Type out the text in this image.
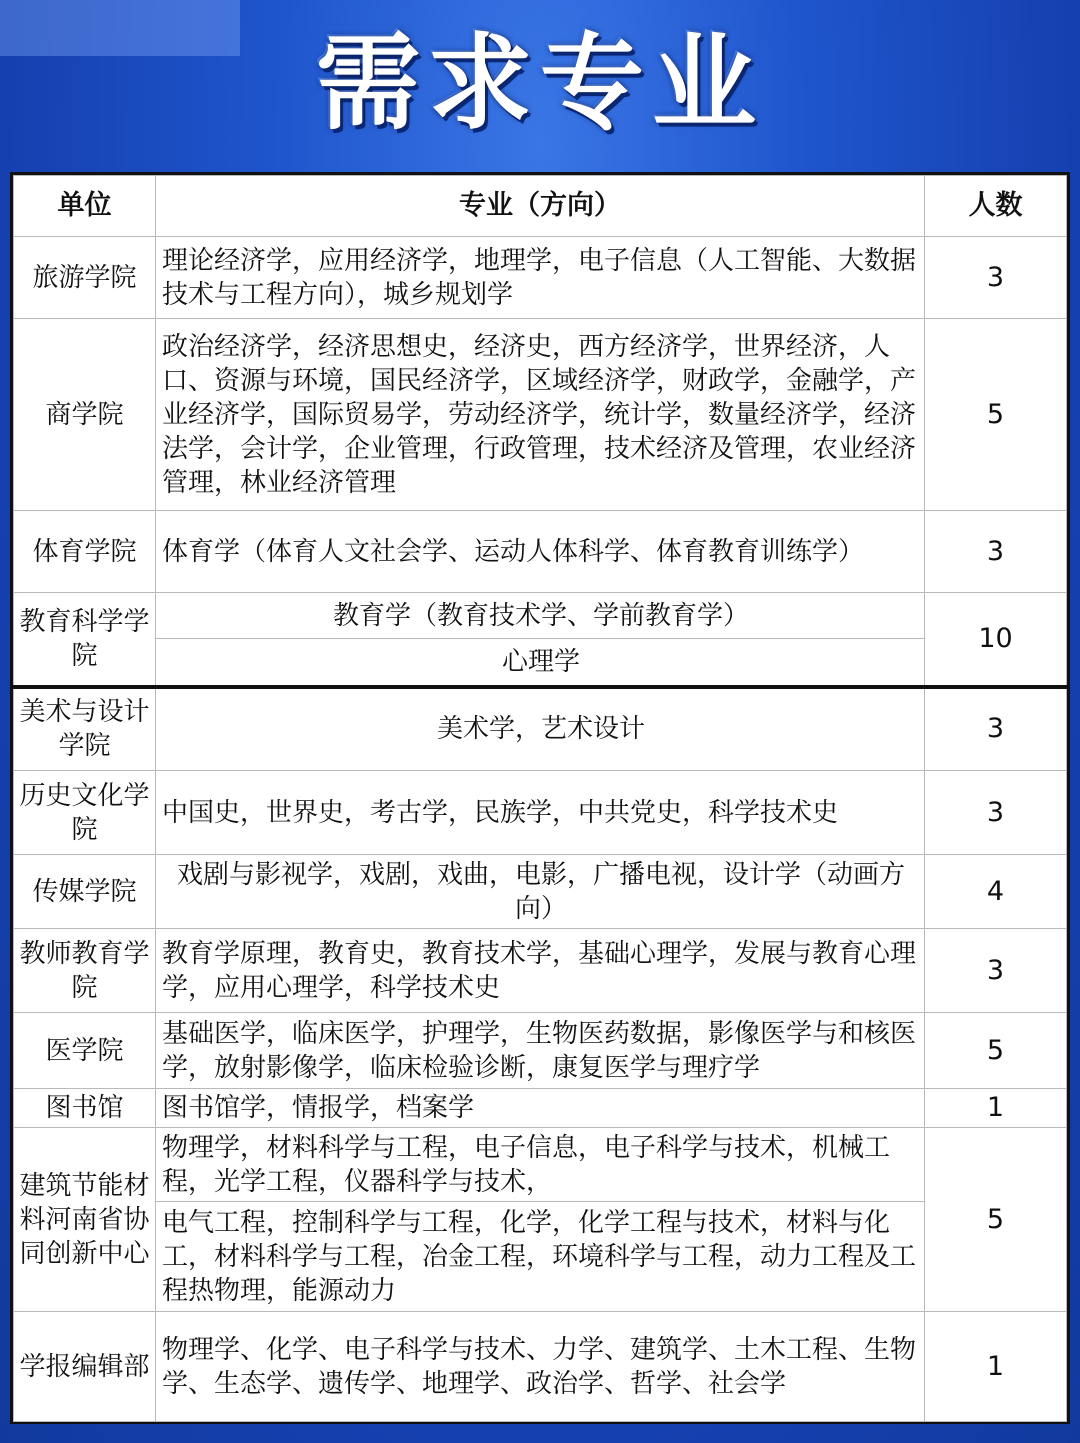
需求专业
单位	专业（方向）	人数
旅游学院	理论经济学，应用经济学，地理学，电子信息（人工智能、大数据技术与工程方向），城乡规划学	3
商学院	政治经济学，经济思想史，经济史，西方经济学，世界经济，人口、资源与环境，国民经济学，区域经济学，财政学，金融学，产业经济学，国际贸易学，劳动经济学，统计学，数量经济学，经济法学，会计学，企业管理，行政管理，技术经济及管理，农业经济管理，林业经济管理	5
体育学院	体育学（体育人文社会学、运动人体科学、体育教育训练学）	3
教育科学学院	教育学（教育技术学、学前教育学）	10
	心理学	
美术与设计学院	美术学，艺术设计	3
历史文化学院	中国史，世界史，考古学，民族学，中共党史，科学技术史	3
传媒学院	戏剧与影视学，戏剧，戏曲，电影，广播电视，设计学（动画方向）	4
教师教育学院	教育学原理，教育史，教育技术学，基础心理学，发展与教育心理学，应用心理学，科学技术史	3
医学院	基础医学，临床医学，护理学，生物医药数据，影像医学与和核医学，放射影像学，临床检验诊断，康复医学与理疗学	5
图书馆	图书馆学，情报学，档案学	1
建筑节能材料河南省协同创新中心	物理学，材料科学与工程，电子信息，电子科学与技术，机械工程，光学工程，仪器科学与技术，	5
	电气工程，控制科学与工程，化学，化学工程与技术，材料与化工，材料科学与工程，冶金工程，环境科学与工程，动力工程及工程热物理，能源动力	
学报编辑部	物理学、化学、电子科学与技术、力学、建筑学、土木工程、生物学、生态学、遗传学、地理学、政治学、哲学、社会学	1
